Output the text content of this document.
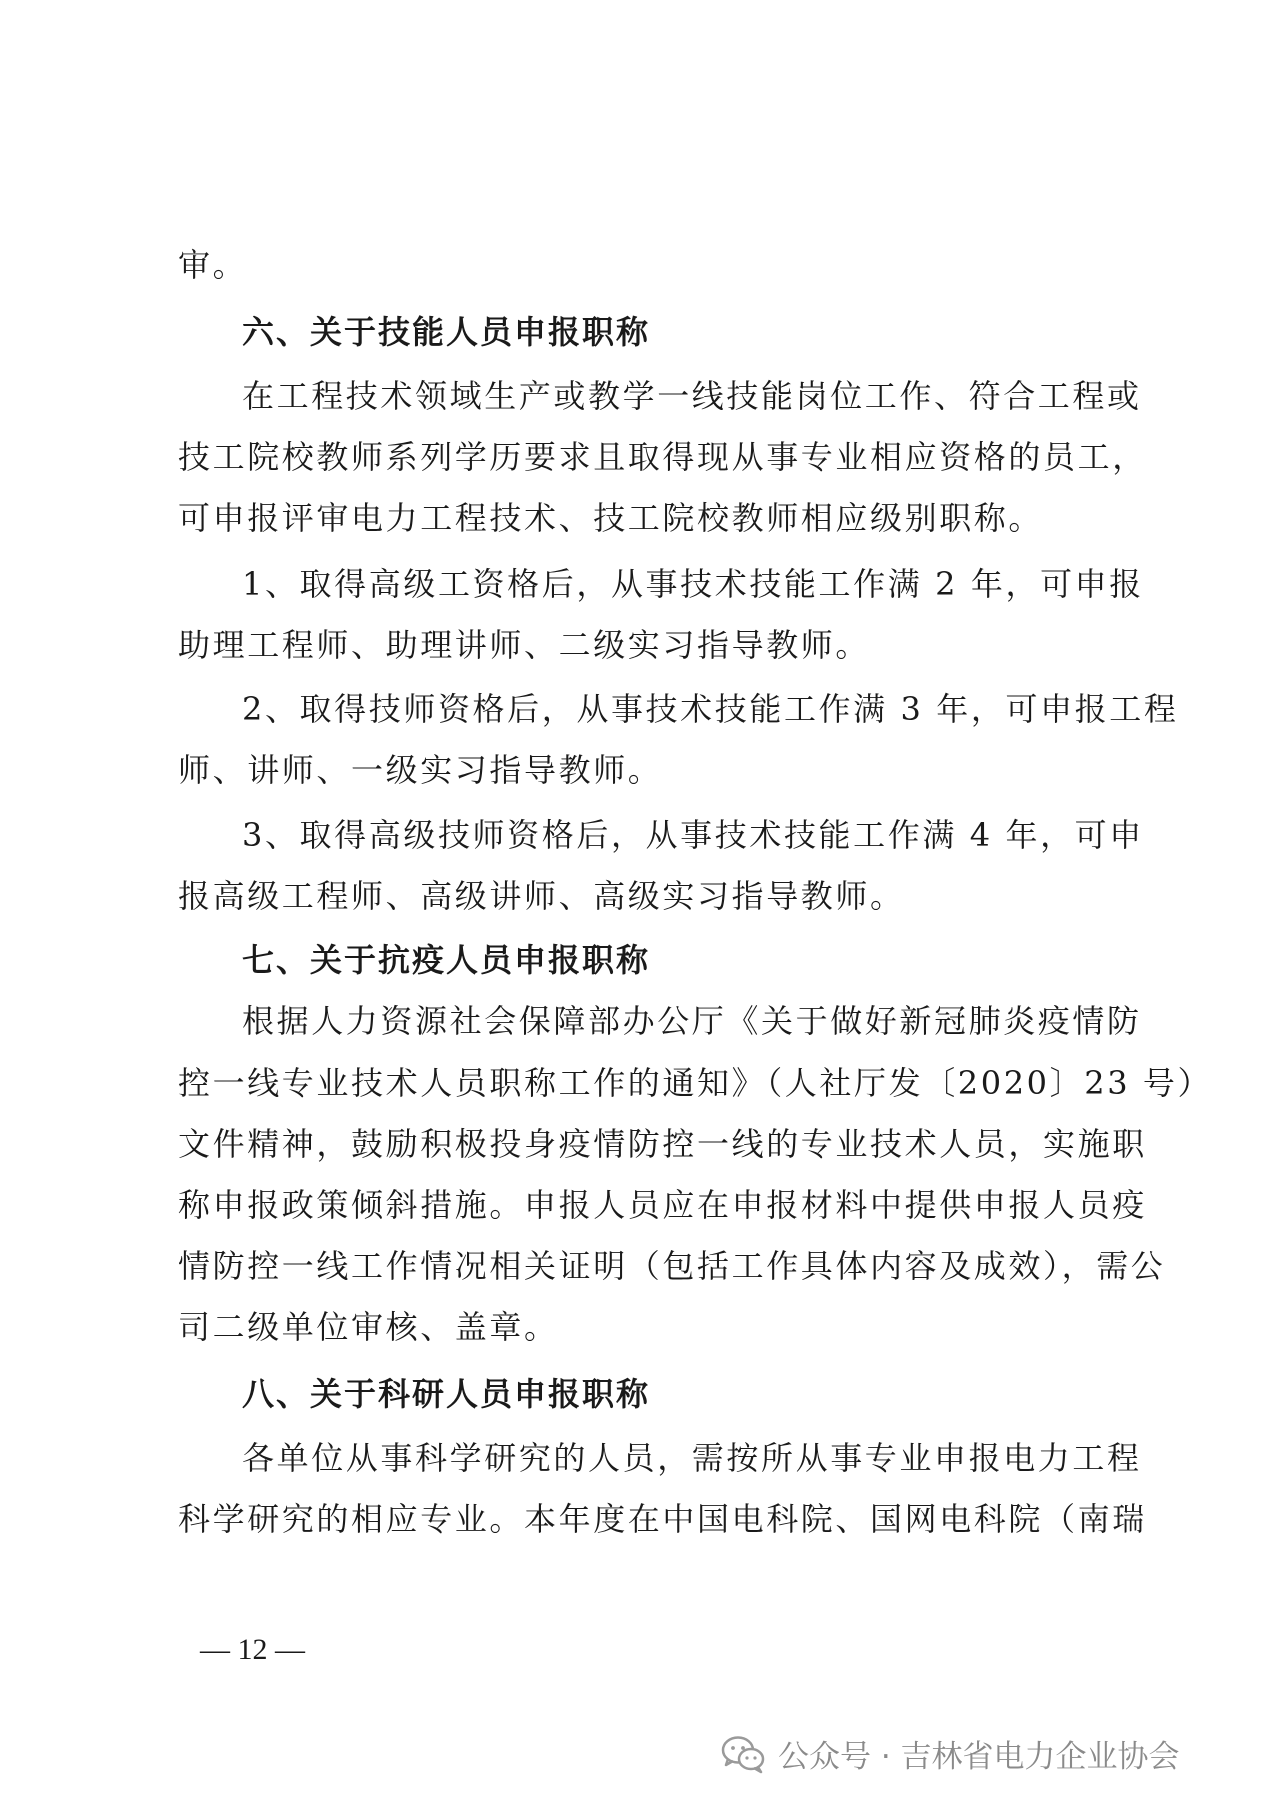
审。
六、关于技能人员申报职称
在工程技术领域生产或教学一线技能岗位工作、符合工程或
技工院校教师系列学历要求且取得现从事专业相应资格的员工，
可申报评审电力工程技术、技工院校教师相应级别职称。
1、取得高级工资格后，从事技术技能工作满 2 年，可申报
助理工程师、助理讲师、二级实习指导教师。
2、取得技师资格后，从事技术技能工作满 3 年，可申报工程
师、讲师、一级实习指导教师。
3、取得高级技师资格后，从事技术技能工作满 4 年，可申
报高级工程师、高级讲师、高级实习指导教师。
七、关于抗疫人员申报职称
根据人力资源社会保障部办公厅《关于做好新冠肺炎疫情防
控一线专业技术人员职称工作的通知》（人社厅发〔2020〕23 号）
文件精神，鼓励积极投身疫情防控一线的专业技术人员，实施职
称申报政策倾斜措施。申报人员应在申报材料中提供申报人员疫
情防控一线工作情况相关证明（包括工作具体内容及成效），需公
司二级单位审核、盖章。
八、关于科研人员申报职称
各单位从事科学研究的人员，需按所从事专业申报电力工程
科学研究的相应专业。本年度在中国电科院、国网电科院（南瑞
— 12 —
公众号 · 吉林省电力企业协会
